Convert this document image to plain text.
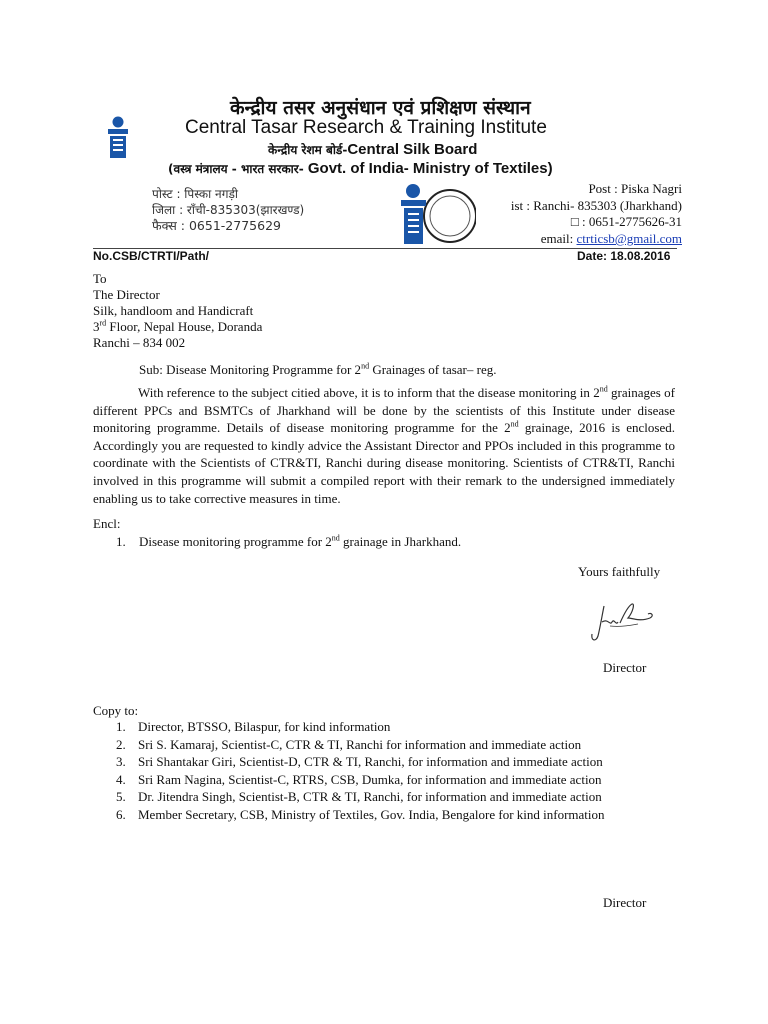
केन्द्रीय तसर अनुसंधान एवं प्रशिक्षण संस्थान
Central Tasar Research & Training Institute
केन्द्रीय रेशम बोर्ड-Central Silk Board
(वस्त्र मंत्रालय - भारत सरकार- Govt. of India- Ministry of Textiles)
पोस्ट : पिस्का नगड़ी
जिला : राँची-835303(झारखण्ड)
फैक्स : 0651-2775629
Post : Piska Nagri
ist : Ranchi- 835303 (Jharkhand)
□ : 0651-2775626-31
email: ctrticsb@gmail.com
No.CSB/CTRTI/Path/	Date: 18.08.2016
To
The Director
Silk, handloom and Handicraft
3rd Floor, Nepal House, Doranda
Ranchi – 834 002
Sub: Disease Monitoring Programme for 2nd Grainages of tasar– reg.

With reference to the subject citied above, it is to inform that the disease monitoring in 2nd grainages of different PPCs and BSMTCs of Jharkhand will be done by the scientists of this Institute under disease monitoring programme. Details of disease monitoring programme for the 2nd grainage, 2016 is enclosed. Accordingly you are requested to kindly advice the Assistant Director and PPOs included in this programme to coordinate with the Scientists of CTR&TI, Ranchi during disease monitoring. Scientists of CTR&TI, Ranchi involved in this programme will submit a compiled report with their remark to the undersigned immediately enabling us to take corrective measures in time.

Encl:
1. Disease monitoring programme for 2nd grainage in Jharkhand.
Yours faithfully
Director
Copy to:
1. Director, BTSSO, Bilaspur, for kind information
2. Sri S. Kamaraj, Scientist-C, CTR & TI, Ranchi for information and immediate action
3. Sri Shantakar Giri, Scientist-D, CTR & TI, Ranchi, for information and immediate action
4. Sri Ram Nagina, Scientist-C, RTRS, CSB, Dumka, for information and immediate action
5. Dr. Jitendra Singh, Scientist-B, CTR & TI, Ranchi, for information and immediate action
6. Member Secretary, CSB, Ministry of Textiles, Gov. India, Bengalore for kind information
Director
